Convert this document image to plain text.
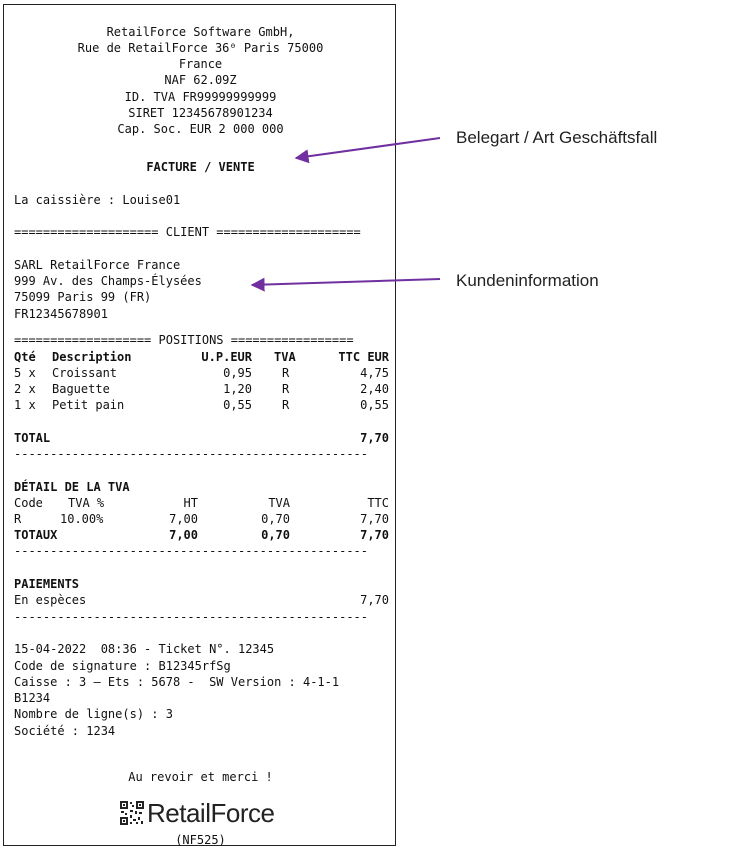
RetailForce Software GmbH,
Rue de RetailForce 36⁰ Paris 75000
France
NAF 62.09Z
ID. TVA FR99999999999
SIRET 12345678901234
Cap. Soc. EUR 2 000 000
FACTURE / VENTE
La caissière : Louise01
==================== CLIENT ====================
SARL RetailForce France
999 Av. des Champs-Élysées
75099 Paris 99 (FR)
FR12345678901
=================== POSITIONS =================
Qté Description	U.P.EUR TVA	TTC EUR
5 x Croissant	0,95	R	4,75
2 x Baguette	1,20	R	2,40
1 x Petit pain	0,55	R	0,55
TOTAL	7,70
-------------------------------------------------
DÉTAIL DE LA TVA
Code TVA %	HT	TVA	TTC
R	10.00%	7,00	0,70	7,70
TOTAUX	7,00	0,70	7,70
-------------------------------------------------
PAIEMENTS
En espèces	7,70
-------------------------------------------------
15-04-2022  08:36 - Ticket N°. 12345
Code de signature : B12345rfSg
Caisse : 3 – Ets : 5678 -  SW Version : 4-1-1
B1234
Nombre de ligne(s) : 3
Société : 1234
Au revoir et merci !
RetailForce
(NF525)
Belegart / Art Geschäftsfall
Kundeninformation
